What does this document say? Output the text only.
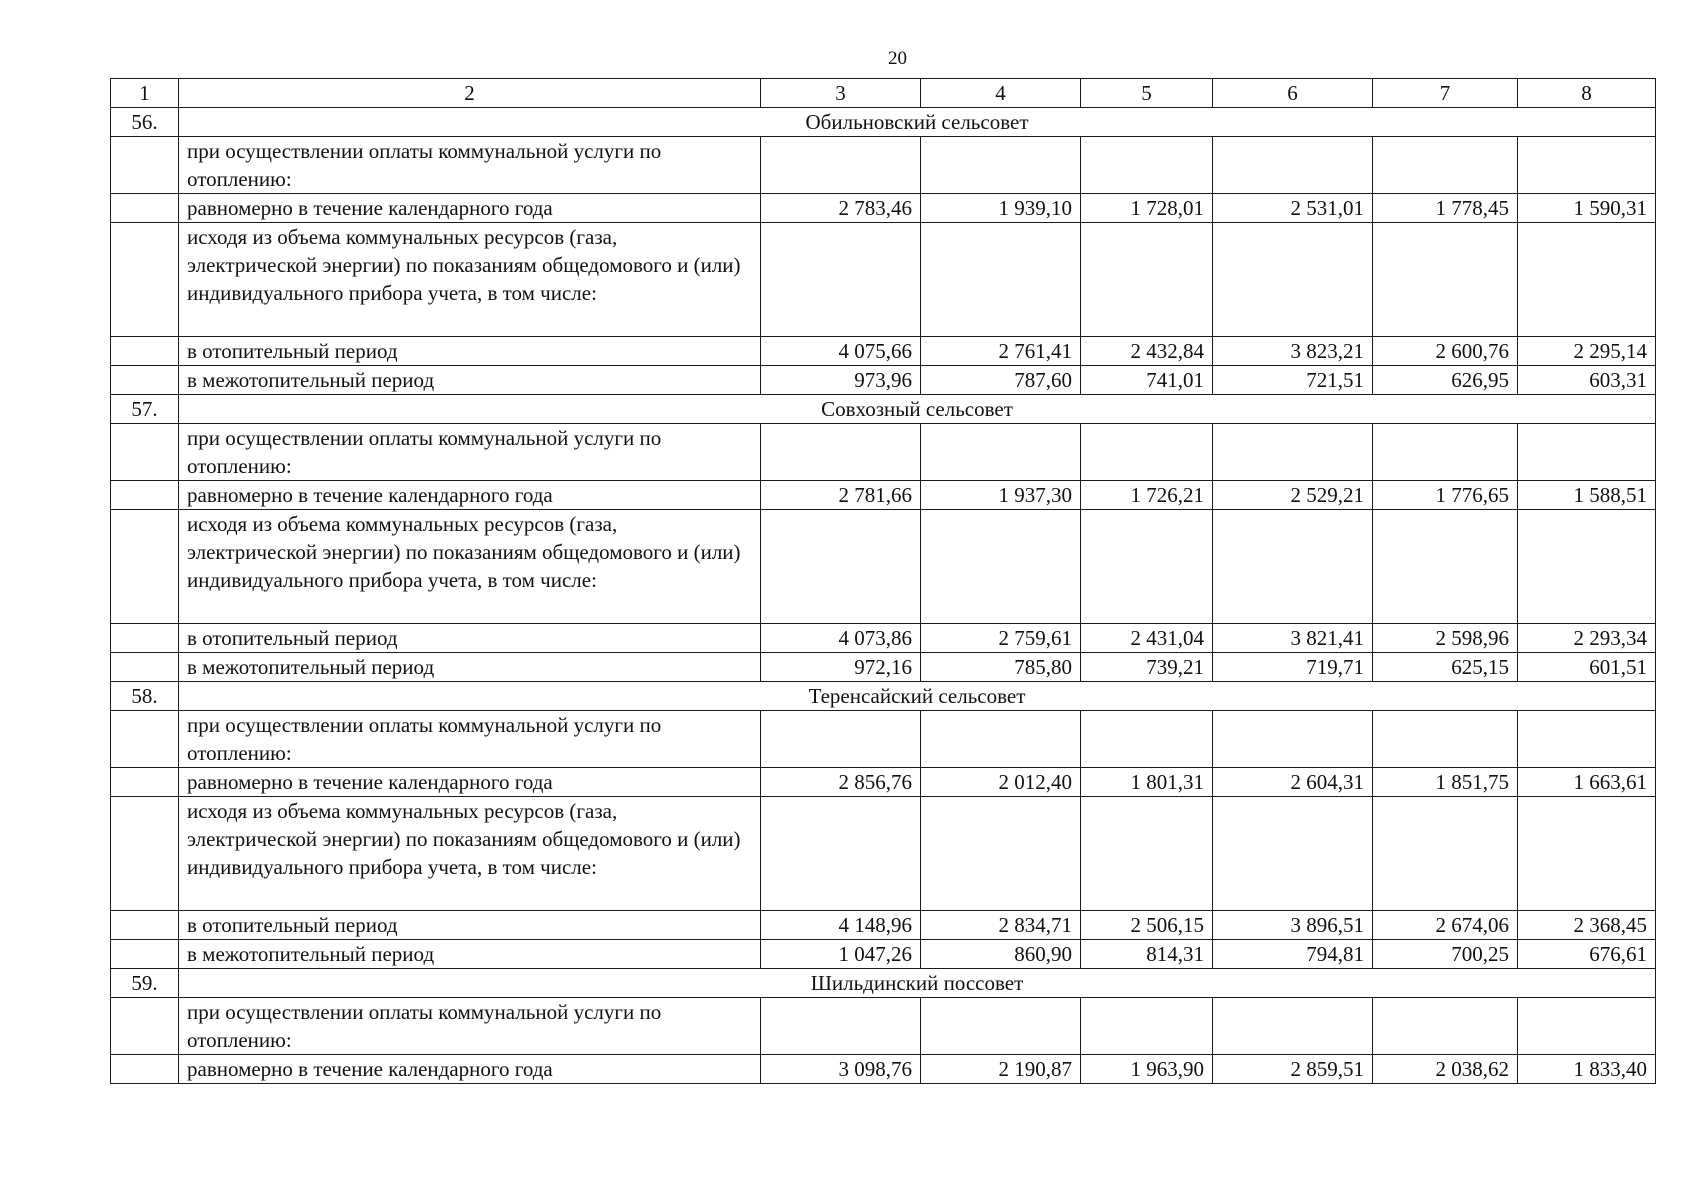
20
1	2	3	4	5	6	7	8
56.	Обильновский сельсовет						
	при осуществлении оплаты коммунальной услуги по отоплению:						
	равномерно в течение календарного года	2 783,46	1 939,10	1 728,01	2 531,01	1 778,45	1 590,31
	исходя из объема коммунальных ресурсов (газа, электрической энергии) по показаниям общедомового и (или) индивидуального прибора учета, в том числе:						
	в отопительный период	4 075,66	2 761,41	2 432,84	3 823,21	2 600,76	2 295,14
	в межотопительный период	973,96	787,60	741,01	721,51	626,95	603,31
57.	Совхозный сельсовет						
	при осуществлении оплаты коммунальной услуги по отоплению:						
	равномерно в течение календарного года	2 781,66	1 937,30	1 726,21	2 529,21	1 776,65	1 588,51
	исходя из объема коммунальных ресурсов (газа, электрической энергии) по показаниям общедомового и (или) индивидуального прибора учета, в том числе:						
	в отопительный период	4 073,86	2 759,61	2 431,04	3 821,41	2 598,96	2 293,34
	в межотопительный период	972,16	785,80	739,21	719,71	625,15	601,51
58.	Теренсайский сельсовет						
	при осуществлении оплаты коммунальной услуги по отоплению:						
	равномерно в течение календарного года	2 856,76	2 012,40	1 801,31	2 604,31	1 851,75	1 663,61
	исходя из объема коммунальных ресурсов (газа, электрической энергии) по показаниям общедомового и (или) индивидуального прибора учета, в том числе:						
	в отопительный период	4 148,96	2 834,71	2 506,15	3 896,51	2 674,06	2 368,45
	в межотопительный период	1 047,26	860,90	814,31	794,81	700,25	676,61
59.	Шильдинский поссовет						
	при осуществлении оплаты коммунальной услуги по отоплению:						
	равномерно в течение календарного года	3 098,76	2 190,87	1 963,90	2 859,51	2 038,62	1 833,40
